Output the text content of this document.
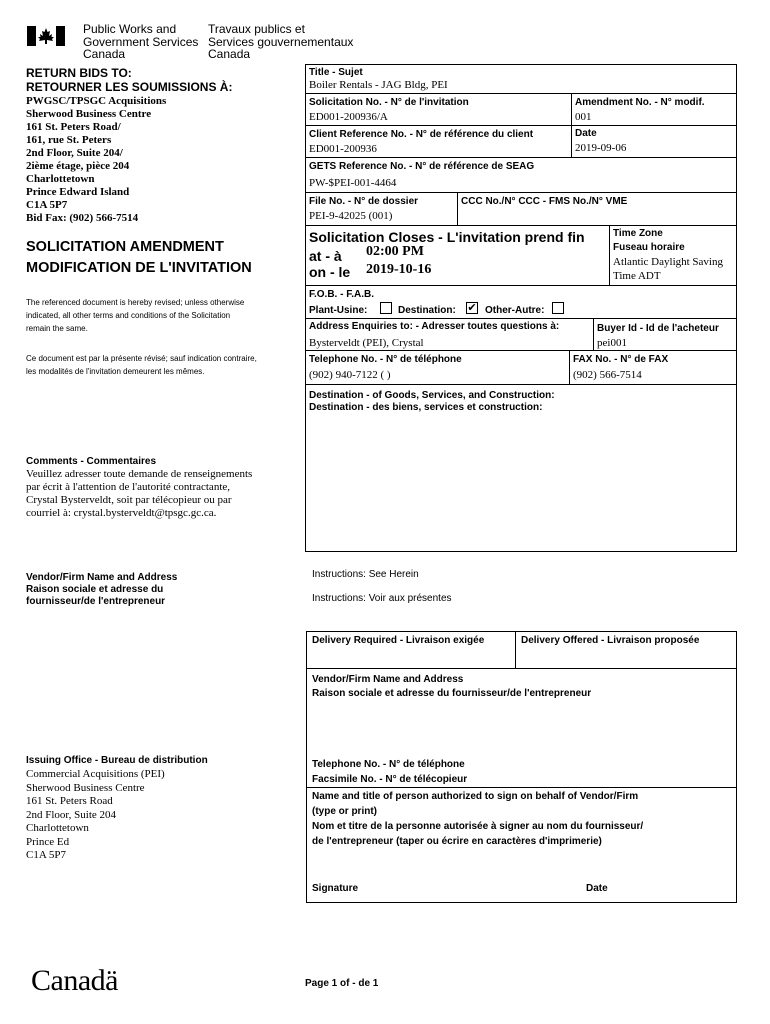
Public Works and
Government Services
Canada
Travaux publics et
Services gouvernementaux
Canada
RETURN BIDS TO:
RETOURNER LES SOUMISSIONS À:
PWGSC/TPSGC Acquisitions
Sherwood Business Centre
161 St. Peters Road/
161, rue St. Peters
2nd Floor, Suite 204/
2ième étage, pièce 204
Charlottetown
Prince Edward Island
C1A 5P7
Bid Fax: (902) 566-7514
SOLICITATION AMENDMENT
MODIFICATION DE L'INVITATION
The referenced document is hereby revised; unless otherwise
indicated, all other terms and conditions of the Solicitation
remain the same.
Ce document est par la présente révisé; sauf indication contraire,
les modalités de l'invitation demeurent les mêmes.
Comments - Commentaires
Veuillez adresser toute demande de renseignements
par écrit à l'attention de l'autorité contractante,
Crystal Bysterveldt, soit par télécopieur ou par
courriel à: crystal.bysterveldt@tpsgc.gc.ca.
Vendor/Firm Name and Address
Raison sociale et adresse du
fournisseur/de l'entrepreneur
Issuing Office - Bureau de distribution
Commercial Acquisitions (PEI)
Sherwood Business Centre
161 St. Peters Road
2nd Floor, Suite 204
Charlottetown
Prince Ed
C1A 5P7
Title - Sujet
Boiler Rentals - JAG Bldg, PEI
Solicitation No. - N° de l'invitation
ED001-200936/A
Amendment No. - N° modif.
001
Client Reference No. - N° de référence du client
ED001-200936
Date
2019-09-06
GETS Reference No. - N° de référence de SEAG
PW-$PEI-001-4464
File No. - N° de dossier
PEI-9-42025 (001)
CCC No./N° CCC - FMS No./N° VME
Solicitation Closes - L'invitation prend fin
at - à 02:00 PM
on - le 2019-10-16
Time Zone
Fuseau horaire
Atlantic Daylight Saving
Time ADT
F.O.B. - F.A.B.
Plant-Usine:	Destination: ✔ Other-Autre:
Address Enquiries to: - Adresser toutes questions à:
Bysterveldt (PEI), Crystal
Buyer Id - Id de l'acheteur
pei001
Telephone No. - N° de téléphone
(902) 940-7122 ( )
FAX No. - N° de FAX
(902) 566-7514
Destination - of Goods, Services, and Construction:
Destination - des biens, services et construction:
Instructions: See Herein
Instructions: Voir aux présentes
Delivery Required - Livraison exigée	Delivery Offered - Livraison proposée
Vendor/Firm Name and Address
Raison sociale et adresse du fournisseur/de l'entrepreneur
Telephone No. - N° de téléphone
Facsimile No. - N° de télécopieur
Name and title of person authorized to sign on behalf of Vendor/Firm
(type or print)
Nom et titre de la personne autorisée à signer au nom du fournisseur/
de l'entrepreneur (taper ou écrire en caractères d'imprimerie)
Signature	Date
Canadä	Page 1 of - de 1
